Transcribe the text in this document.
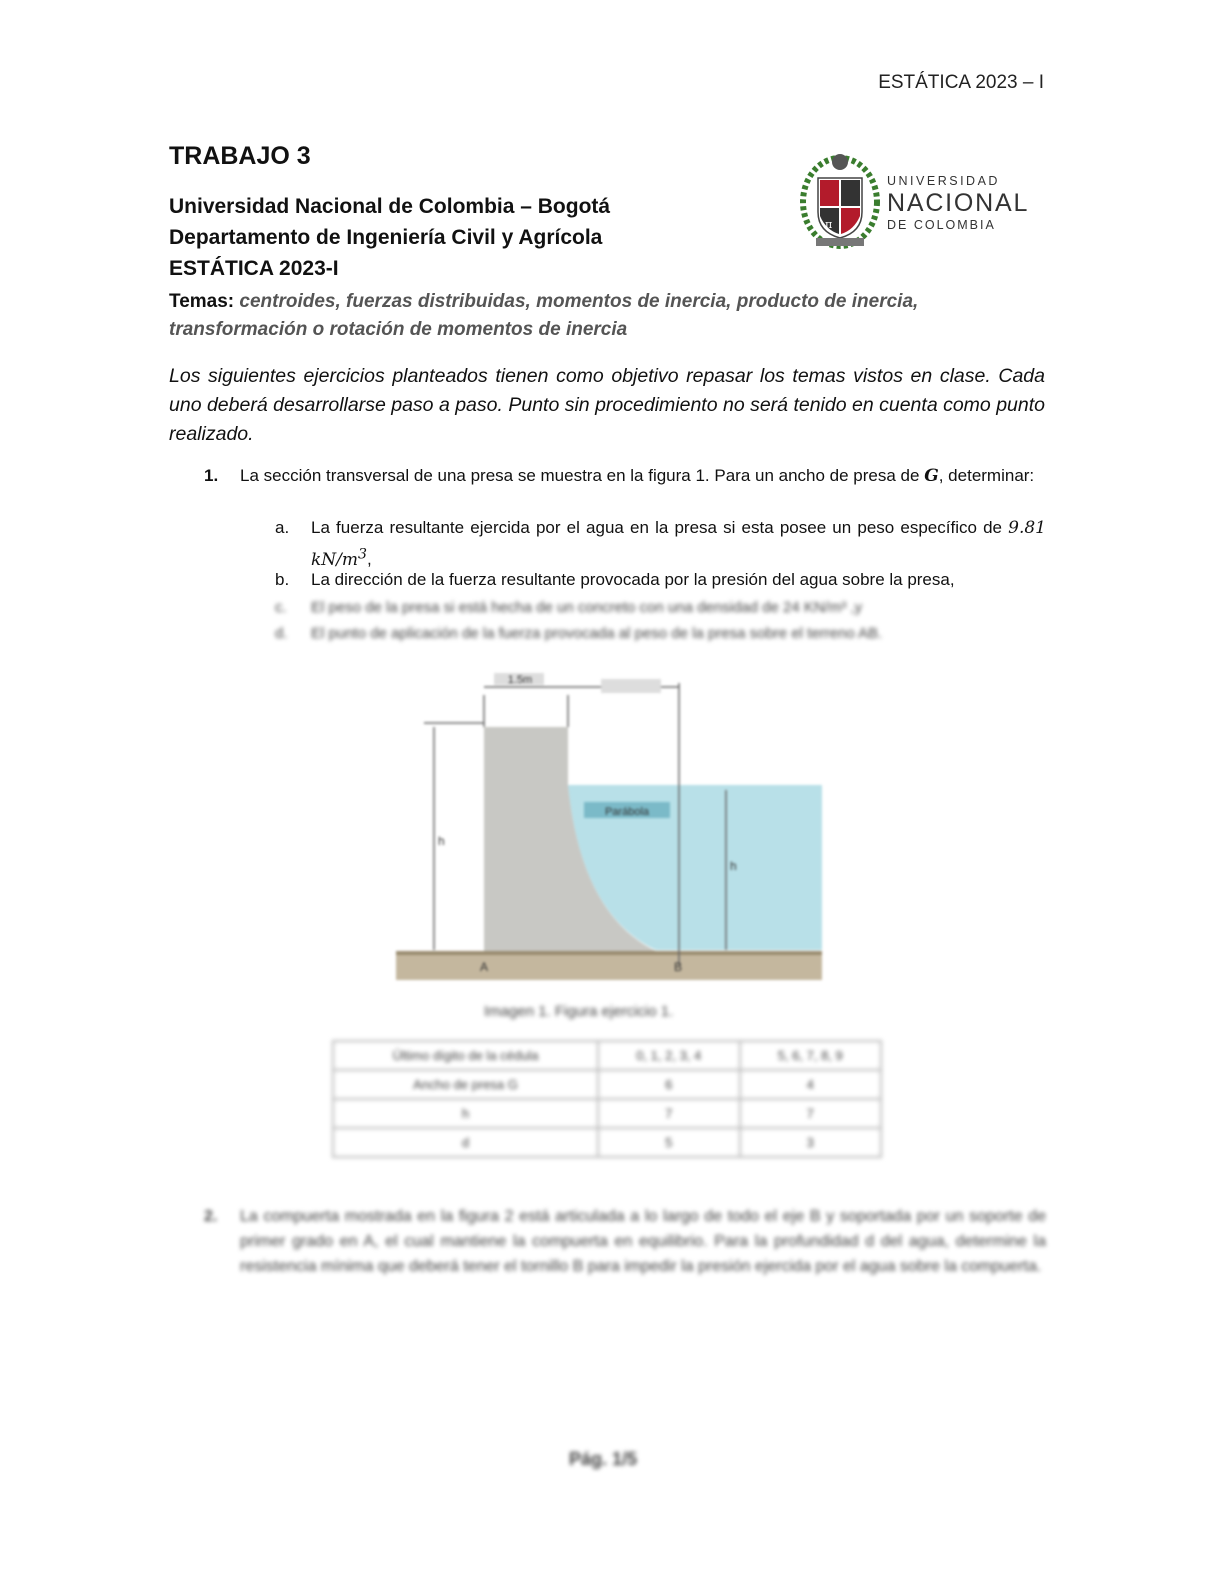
ESTÁTICA 2023 – I
TRABAJO 3
Universidad Nacional de Colombia – Bogotá
Departamento de Ingeniería Civil y Agrícola
ESTÁTICA 2023-I
π
UNIVERSIDAD
NACIONAL
DE COLOMBIA
Temas: centroides, fuerzas distribuidas, momentos de inercia, producto de inercia, transformación o rotación de momentos de inercia
Los siguientes ejercicios planteados tienen como objetivo repasar los temas vistos en clase. Cada uno deberá desarrollarse paso a paso. Punto sin procedimiento no será tenido en cuenta como punto realizado.
1. La sección transversal de una presa se muestra en la figura 1. Para un ancho de presa de G, determinar:
a. La fuerza resultante ejercida por el agua en la presa si esta posee un peso específico de 9.81 $kN/m^3$,
b. La dirección de la fuerza resultante provocada por la presión del agua sobre la presa,
c. El peso de la presa si está hecha de un concreto con una densidad de 24 KN/m³ ,y
d. El punto de aplicación de la fuerza provocada al peso de la presa sobre el terreno AB.
Parábola
1.5m
h
h
A	B
Imagen 1. Figura ejercicio 1.
Último dígito de la cédula	0, 1, 2, 3, 4	5, 6, 7, 8, 9
Ancho de presa G	6	4
h	7	7
d	5	3
2. La compuerta mostrada en la figura 2 está articulada a lo largo de todo el eje B y soportada por un soporte de primer grado en A, el cual mantiene la compuerta en equilibrio. Para la profundidad d del agua, determine la resistencia mínima que deberá tener el tornillo B para impedir la presión ejercida por el agua sobre la compuerta.
Pág. 1/5
